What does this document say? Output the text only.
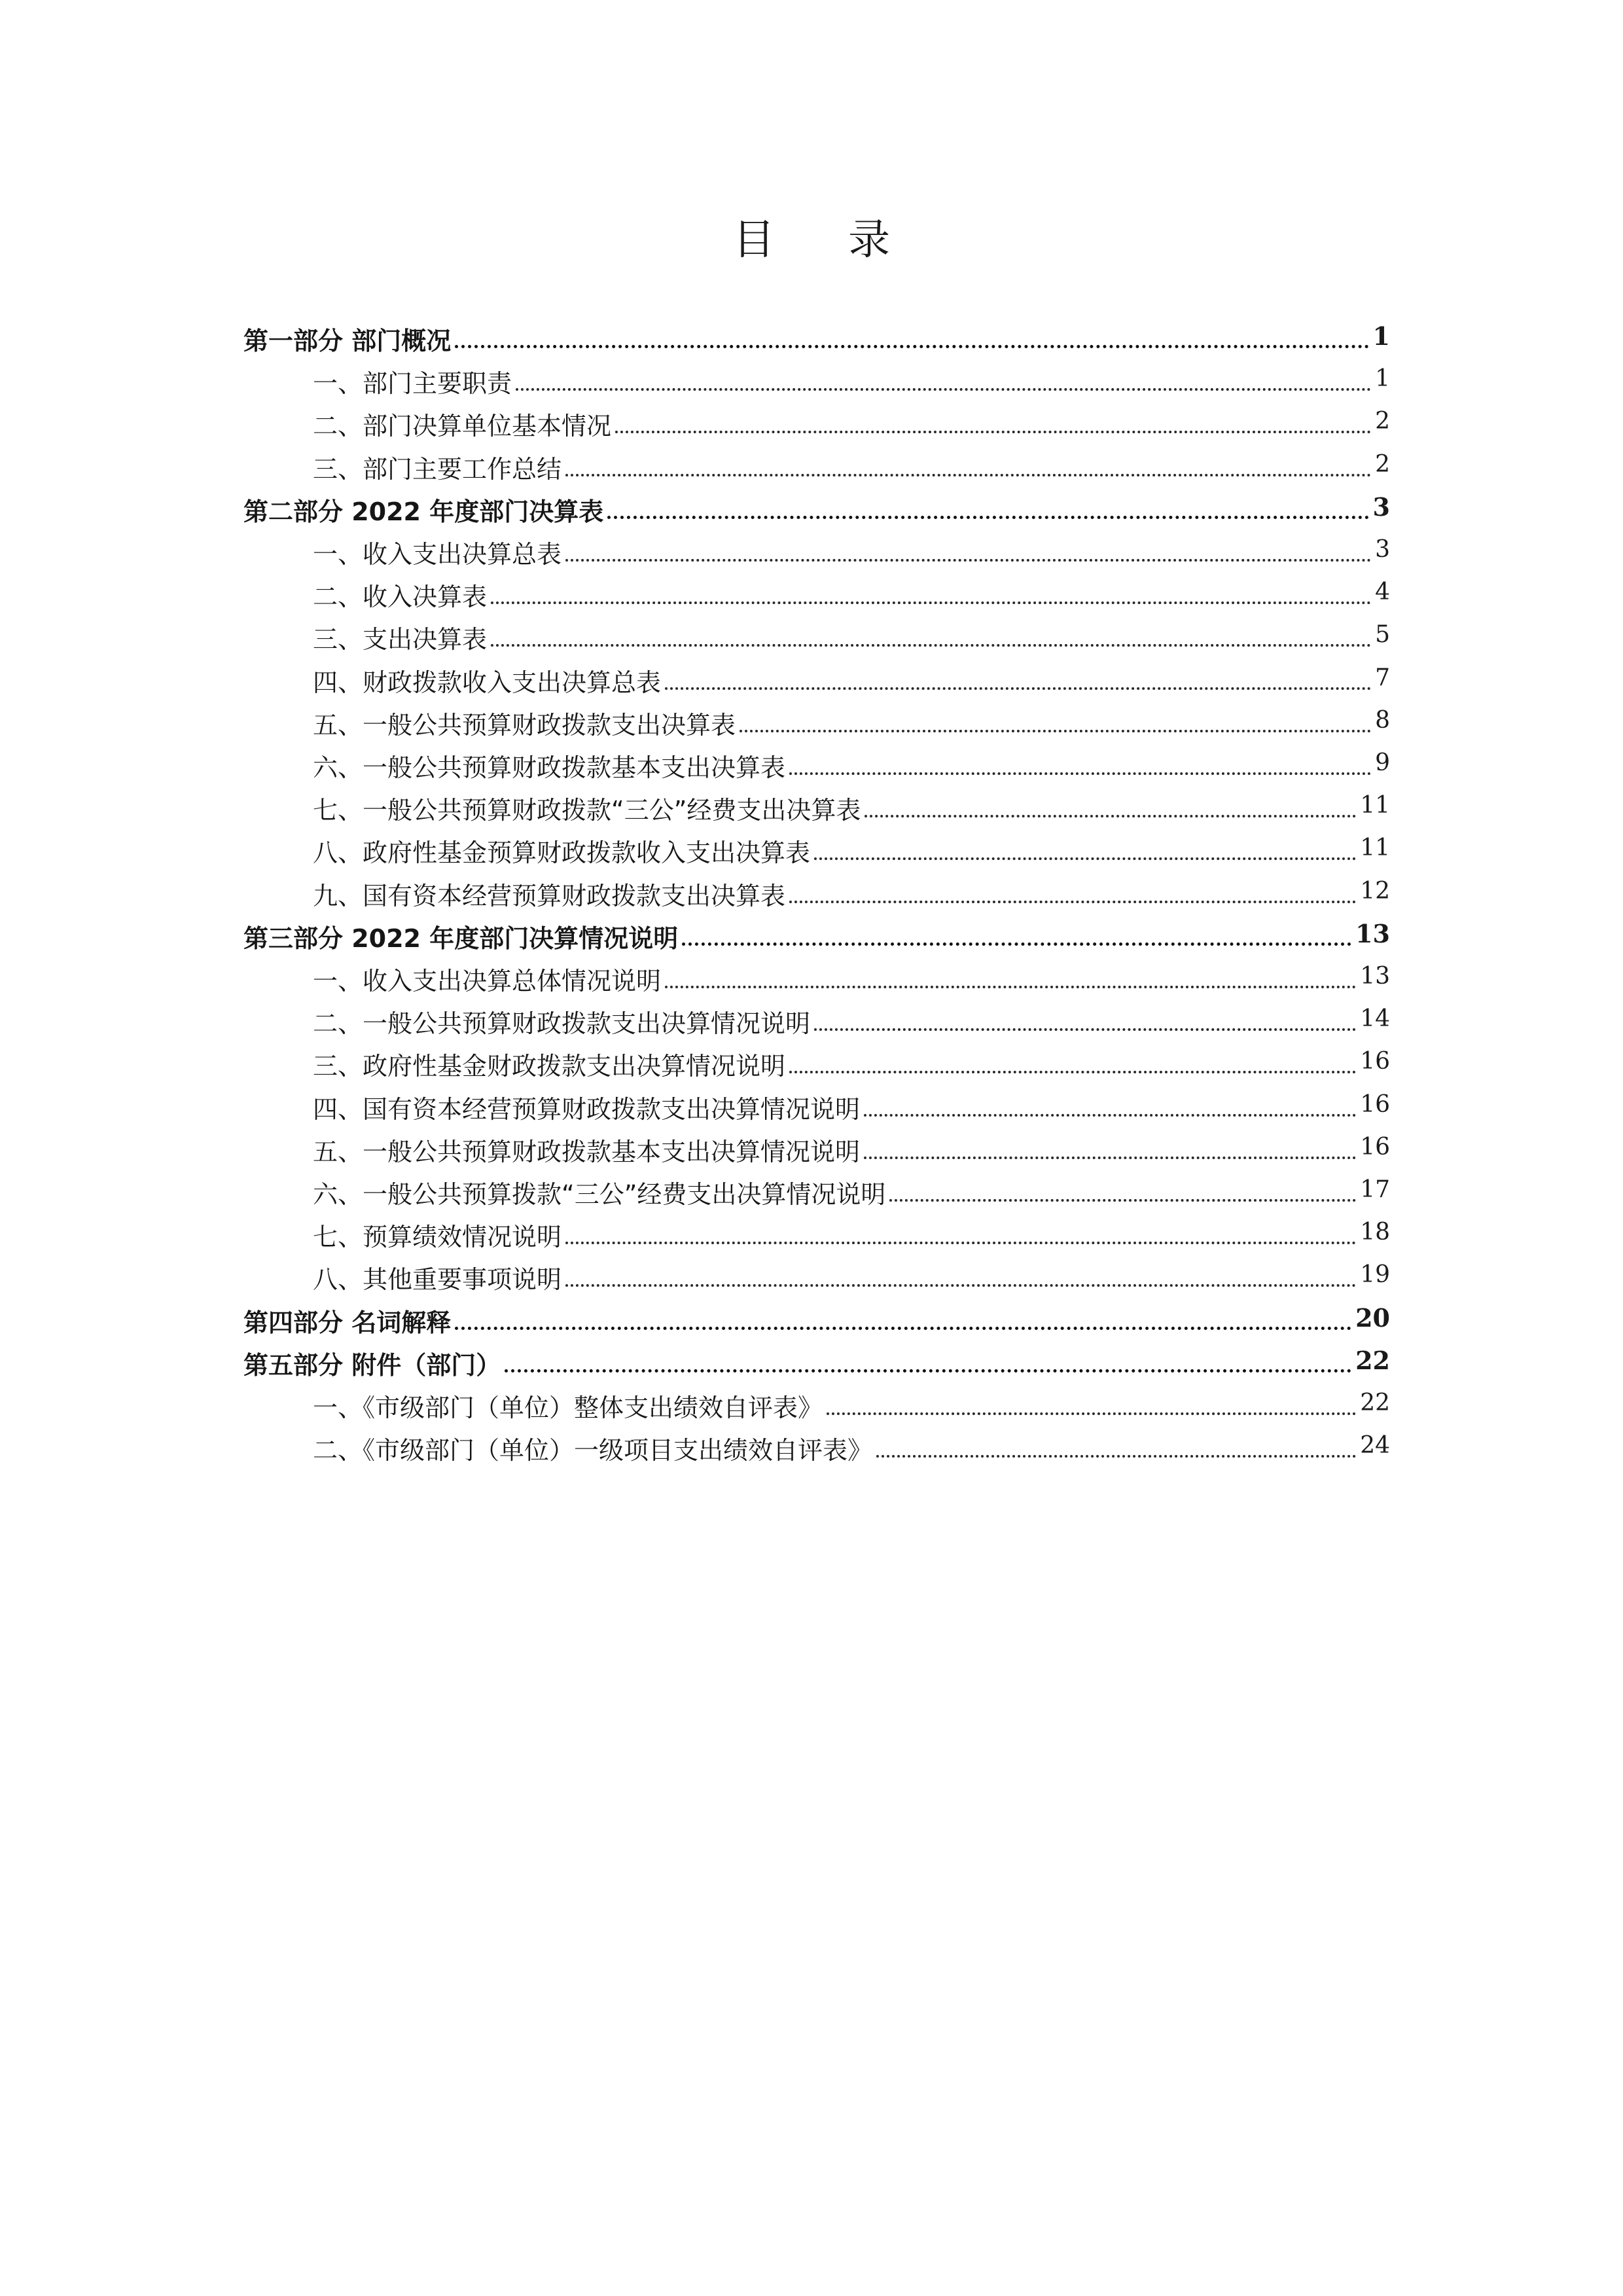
目 录
第一部分 部门概况	1
一、部门主要职责	1
二、部门决算单位基本情况	2
三、部门主要工作总结	2
第二部分 2022 年度部门决算表	3
一、收入支出决算总表	3
二、收入决算表	4
三、支出决算表	5
四、财政拨款收入支出决算总表	7
五、一般公共预算财政拨款支出决算表	8
六、一般公共预算财政拨款基本支出决算表	9
七、一般公共预算财政拨款“三公”经费支出决算表	11
八、政府性基金预算财政拨款收入支出决算表	11
九、国有资本经营预算财政拨款支出决算表	12
第三部分 2022 年度部门决算情况说明	13
一、收入支出决算总体情况说明	13
二、一般公共预算财政拨款支出决算情况说明	14
三、政府性基金财政拨款支出决算情况说明	16
四、国有资本经营预算财政拨款支出决算情况说明	16
五、一般公共预算财政拨款基本支出决算情况说明	16
六、一般公共预算拨款“三公”经费支出决算情况说明	17
七、预算绩效情况说明	18
八、其他重要事项说明	19
第四部分 名词解释	20
第五部分 附件（部门）	22
一、《市级部门（单位）整体支出绩效自评表》	22
二、《市级部门（单位）一级项目支出绩效自评表》	24
